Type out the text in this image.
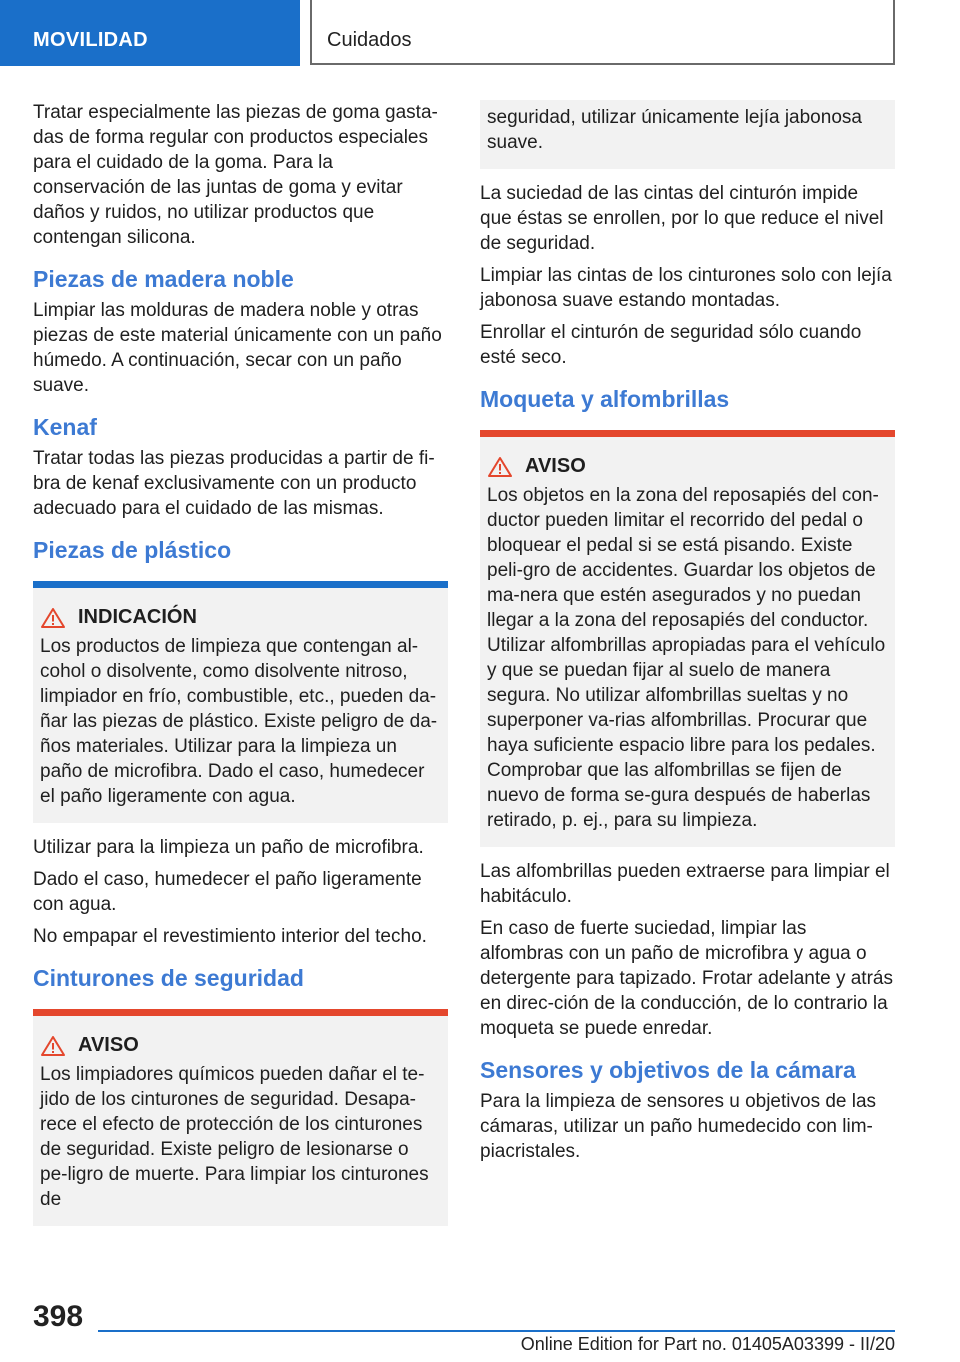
MOVILIDAD	Cuidados

Tratar especialmente las piezas de goma gasta-das de forma regular con productos especiales para el cuidado de la goma. Para la conservación de las juntas de goma y evitar daños y ruidos, no utilizar productos que contengan silicona.

Piezas de madera noble

Limpiar las molduras de madera noble y otras piezas de este material únicamente con un paño húmedo. A continuación, secar con un paño suave.

Kenaf

Tratar todas las piezas producidas a partir de fi-bra de kenaf exclusivamente con un producto adecuado para el cuidado de las mismas.

Piezas de plástico
INDICACIÓN

Los productos de limpieza que contengan al-cohol o disolvente, como disolvente nitroso, limpiador en frío, combustible, etc., pueden da-ñar las piezas de plástico. Existe peligro de da-ños materiales. Utilizar para la limpieza un paño de microfibra. Dado el caso, humedecer el paño ligeramente con agua.

Utilizar para la limpieza un paño de microfibra.

Dado el caso, humedecer el paño ligeramente con agua.

No empapar el revestimiento interior del techo.

Cinturones de seguridad
AVISO

Los limpiadores químicos pueden dañar el te-jido de los cinturones de seguridad. Desapa-rece el efecto de protección de los cinturones de seguridad. Existe peligro de lesionarse o pe-ligro de muerte. Para limpiar los cinturones de

seguridad, utilizar únicamente lejía jabonosa suave.

La suciedad de las cintas del cinturón impide que éstas se enrollen, por lo que reduce el nivel de seguridad.

Limpiar las cintas de los cinturones solo con lejía jabonosa suave estando montadas.

Enrollar el cinturón de seguridad sólo cuando esté seco.

Moqueta y alfombrillas
AVISO

Los objetos en la zona del reposapiés del con-ductor pueden limitar el recorrido del pedal o bloquear el pedal si se está pisando. Existe peli-gro de accidentes. Guardar los objetos de ma-nera que estén asegurados y no puedan llegar a la zona del reposapiés del conductor. Utilizar alfombrillas apropiadas para el vehículo y que se puedan fijar al suelo de manera segura. No utilizar alfombrillas sueltas y no superponer va-rias alfombrillas. Procurar que haya suficiente espacio libre para los pedales. Comprobar que las alfombrillas se fijen de nuevo de forma se-gura después de haberlas retirado, p. ej., para su limpieza.

Las alfombrillas pueden extraerse para limpiar el habitáculo.

En caso de fuerte suciedad, limpiar las alfombras con un paño de microfibra y agua o detergente para tapizado. Frotar adelante y atrás en direc-ción de la conducción, de lo contrario la moqueta se puede enredar.

Sensores y objetivos de la cámara

Para la limpieza de sensores u objetivos de las cámaras, utilizar un paño humedecido con lim-piacristales.

398
Online Edition for Part no. 01405A03399 - II/20
